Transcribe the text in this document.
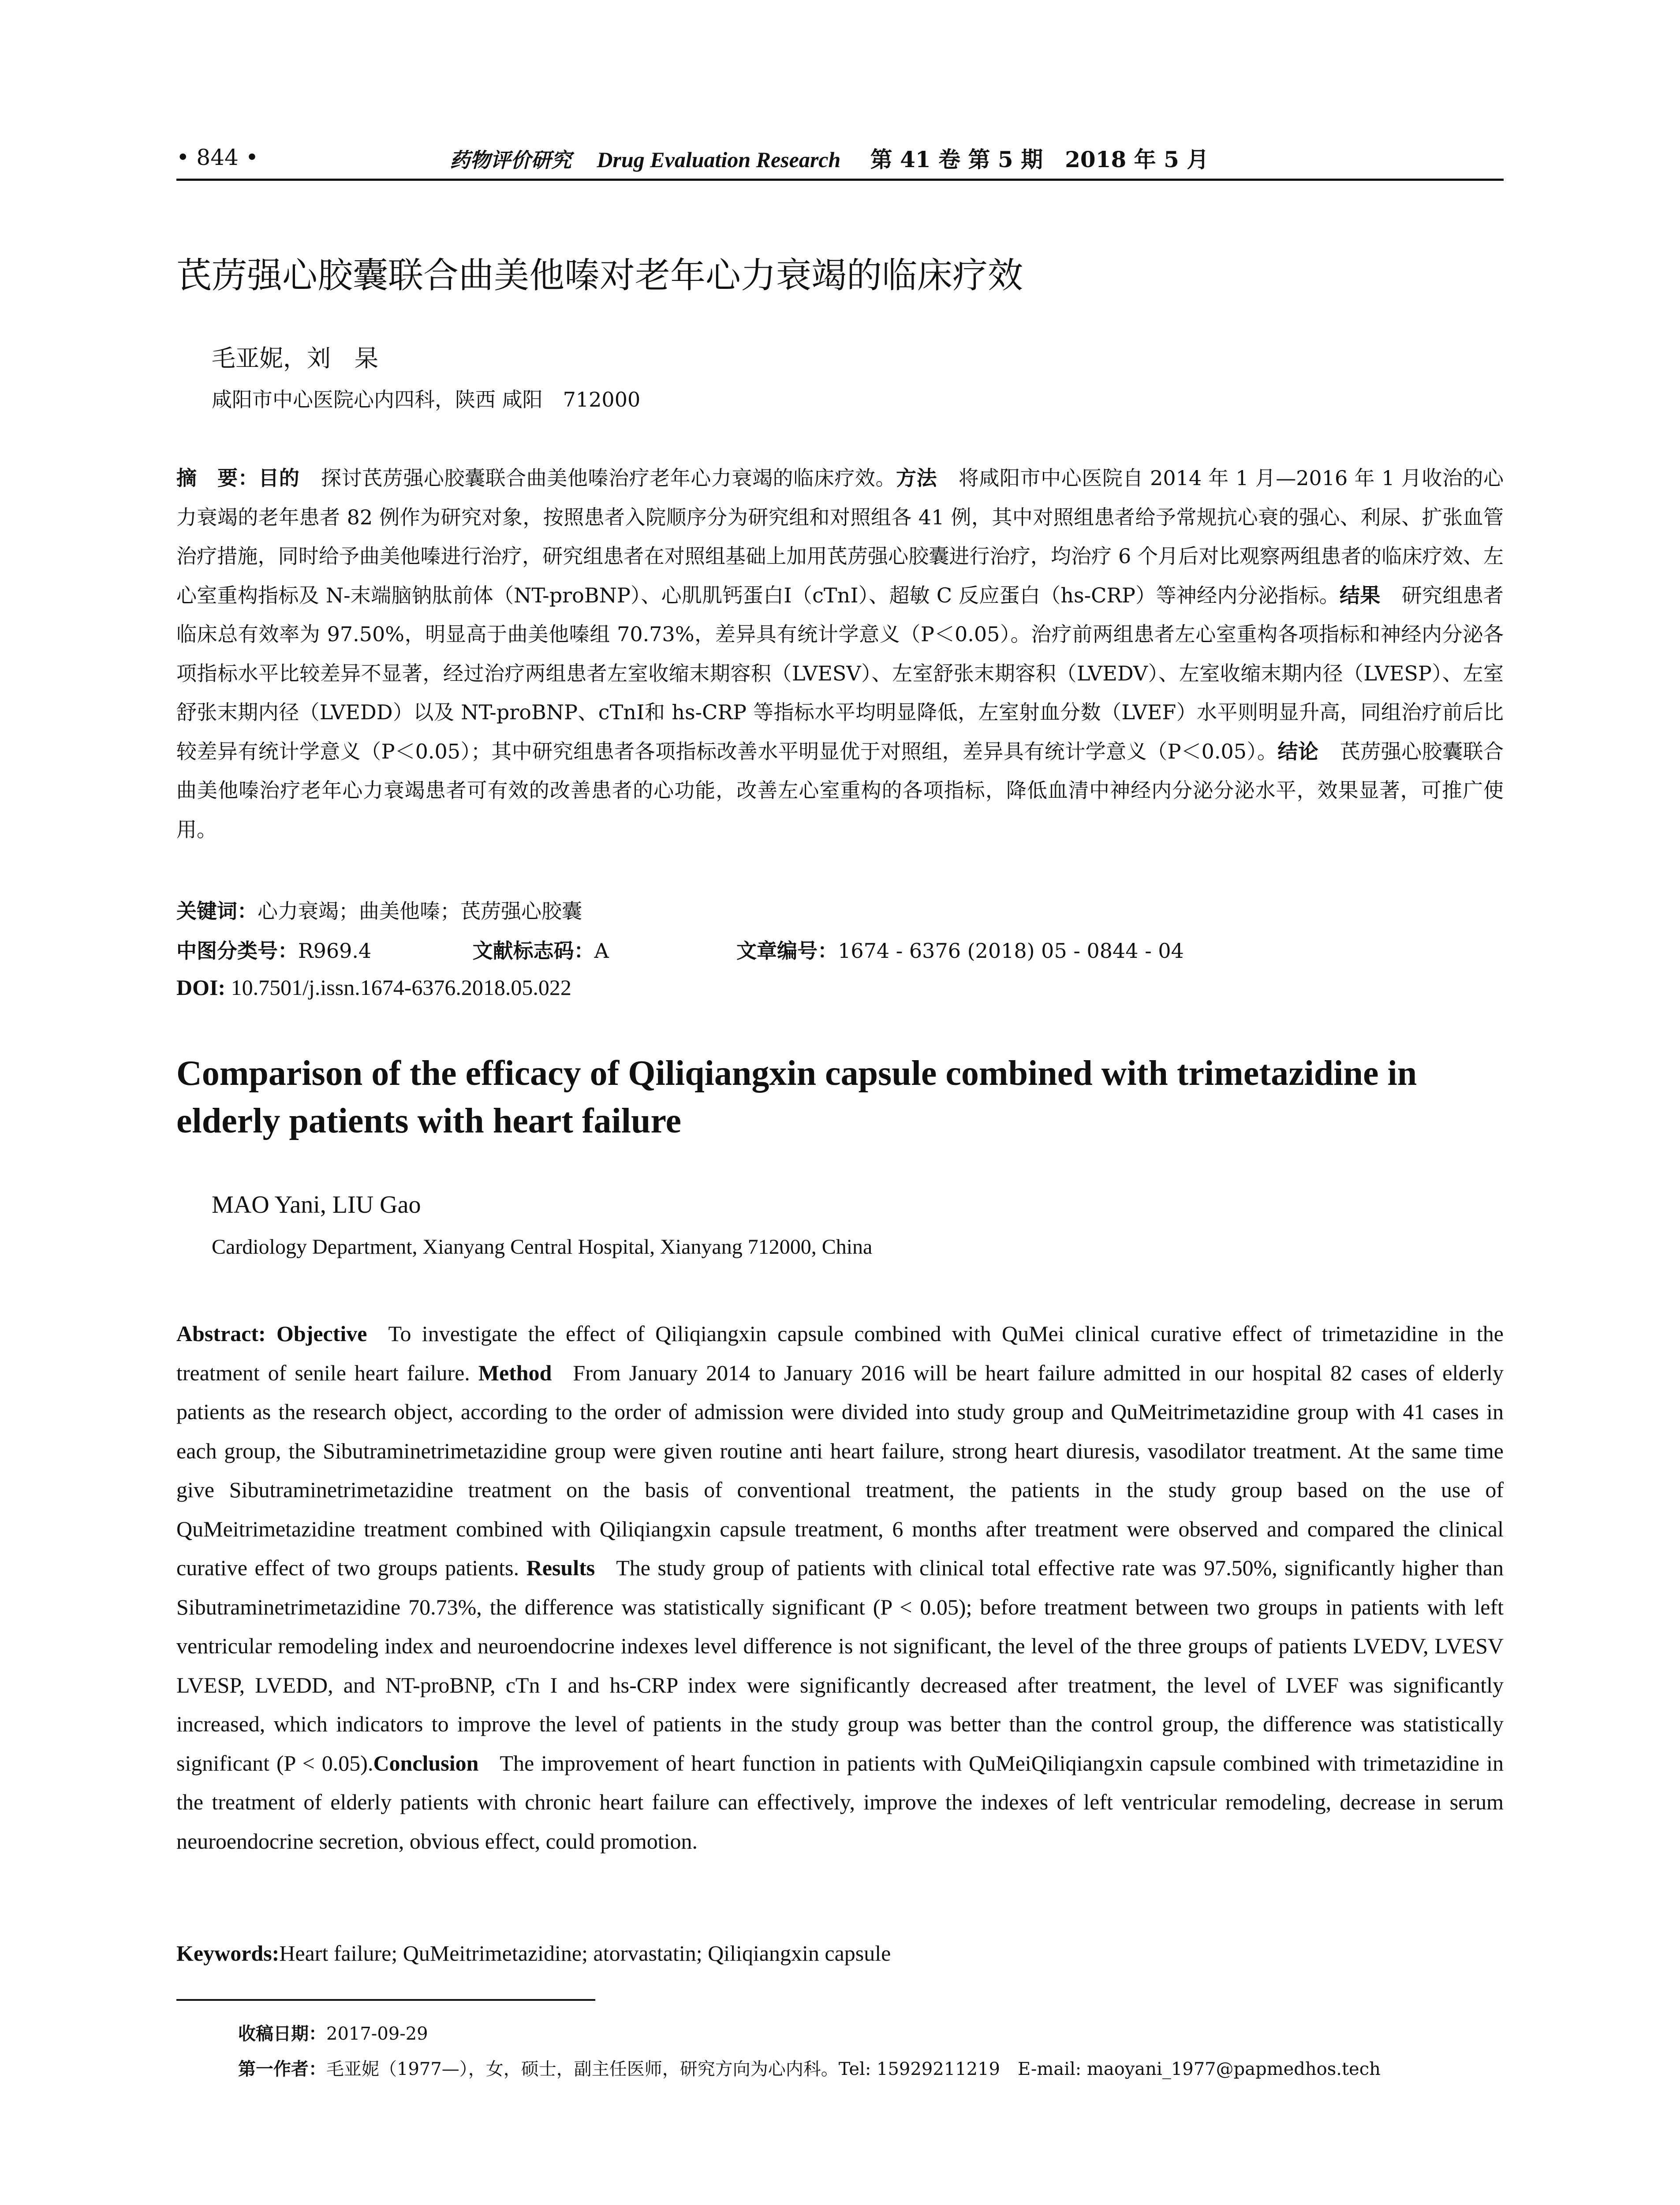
• 844 •	药物评价研究 Drug Evaluation Research 第 41 卷 第 5 期　2018 年 5 月
芪苈强心胶囊联合曲美他嗪对老年心力衰竭的临床疗效
毛亚妮，刘　杲
咸阳市中心医院心内四科，陕西 咸阳　712000
摘　要：目的 探讨芪苈强心胶囊联合曲美他嗪治疗老年心力衰竭的临床疗效。方法 将咸阳市中心医院自 2014 年 1 月—2016 年 1 月收治的心力衰竭的老年患者 82 例作为研究对象，按照患者入院顺序分为研究组和对照组各 41 例，其中对照组患者给予常规抗心衰的强心、利尿、扩张血管治疗措施，同时给予曲美他嗪进行治疗，研究组患者在对照组基础上加用芪苈强心胶囊进行治疗，均治疗 6 个月后对比观察两组患者的临床疗效、左心室重构指标及 N-末端脑钠肽前体（NT-proBNP）、心肌肌钙蛋白Ⅰ（cTnⅠ）、超敏 C 反应蛋白（hs-CRP）等神经内分泌指标。结果 研究组患者临床总有效率为 97.50%，明显高于曲美他嗪组 70.73%，差异具有统计学意义（P＜0.05）。治疗前两组患者左心室重构各项指标和神经内分泌各项指标水平比较差异不显著，经过治疗两组患者左室收缩末期容积（LVESV）、左室舒张末期容积（LVEDV）、左室收缩末期内径（LVESP）、左室舒张末期内径（LVEDD）以及 NT-proBNP、cTnⅠ和 hs-CRP 等指标水平均明显降低，左室射血分数（LVEF）水平则明显升高，同组治疗前后比较差异有统计学意义（P＜0.05）；其中研究组患者各项指标改善水平明显优于对照组，差异具有统计学意义（P＜0.05）。结论 芪苈强心胶囊联合曲美他嗪治疗老年心力衰竭患者可有效的改善患者的心功能，改善左心室重构的各项指标，降低血清中神经内分泌分泌水平，效果显著，可推广使用。
关键词：心力衰竭；曲美他嗪；芪苈强心胶囊
中图分类号：R969.4	文献标志码：A	文章编号：1674 - 6376 (2018) 05 - 0844 - 04
DOI: 10.7501/j.issn.1674-6376.2018.05.022
Comparison of the efficacy of Qiliqiangxin capsule combined with trimetazidine in elderly patients with heart failure
MAO Yani, LIU Gao
Cardiology Department, Xianyang Central Hospital, Xianyang 712000, China
Abstract: Objective To investigate the effect of Qiliqiangxin capsule combined with QuMei clinical curative effect of trimetazidine in the treatment of senile heart failure. Method From January 2014 to January 2016 will be heart failure admitted in our hospital 82 cases of elderly patients as the research object, according to the order of admission were divided into study group and QuMeitrimetazidine group with 41 cases in each group, the Sibutraminetrimetazidine group were given routine anti heart failure, strong heart diuresis, vasodilator treatment. At the same time give Sibutraminetrimetazidine treatment on the basis of conventional treatment, the patients in the study group based on the use of QuMeitrimetazidine treatment combined with Qiliqiangxin capsule treatment, 6 months after treatment were observed and compared the clinical curative effect of two groups patients. Results The study group of patients with clinical total effective rate was 97.50%, significantly higher than Sibutraminetrimetazidine 70.73%, the difference was statistically significant (P < 0.05); before treatment between two groups in patients with left ventricular remodeling index and neuroendocrine indexes level difference is not significant, the level of the three groups of patients LVEDV, LVESV LVESP, LVEDD, and NT-proBNP, cTn I and hs-CRP index were significantly decreased after treatment, the level of LVEF was significantly increased, which indicators to improve the level of patients in the study group was better than the control group, the difference was statistically significant (P < 0.05).Conclusion The improvement of heart function in patients with QuMeiQiliqiangxin capsule combined with trimetazidine in the treatment of elderly patients with chronic heart failure can effectively, improve the indexes of left ventricular remodeling, decrease in serum neuroendocrine secretion, obvious effect, could promotion.
Keywords:Heart failure; QuMeitrimetazidine; atorvastatin; Qiliqiangxin capsule
收稿日期：2017-09-29
第一作者：毛亚妮（1977—），女，硕士，副主任医师，研究方向为心内科。Tel: 15929211219　E-mail: maoyani_1977@papmedhos.tech
